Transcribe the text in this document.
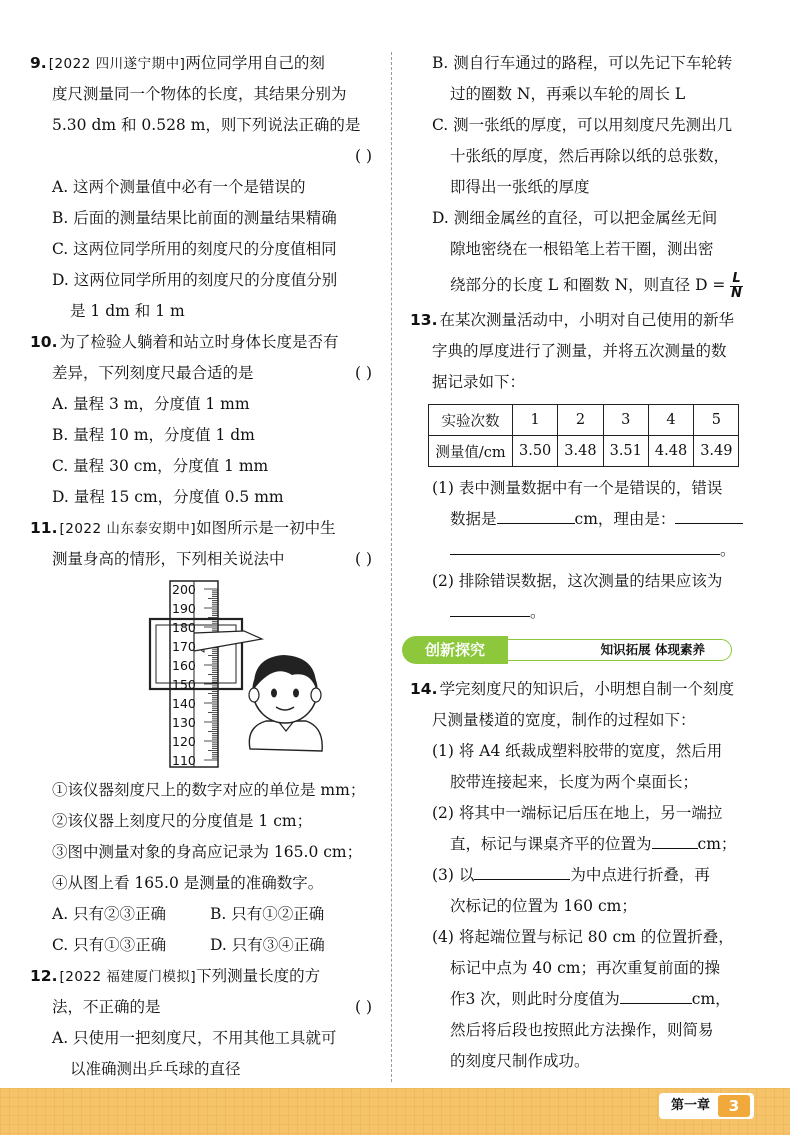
9. [2022 四川遂宁期中]两位同学用自己的刻
度尺测量同一个物体的长度，其结果分别为
5.30 dm 和 0.528 m，则下列说法正确的是
( )
A. 这两个测量值中必有一个是错误的
B. 后面的测量结果比前面的测量结果精确
C. 这两位同学所用的刻度尺的分度值相同
D. 这两位同学所用的刻度尺的分度值分别
是 1 dm 和 1 m
10. 为了检验人躺着和站立时身体长度是否有
差异，下列刻度尺最合适的是	( )
A. 量程 3 m，分度值 1 mm
B. 量程 10 m，分度值 1 dm
C. 量程 30 cm，分度值 1 mm
D. 量程 15 cm，分度值 0.5 mm
11. [2022 山东泰安期中]如图所示是一初中生
测量身高的情形，下列相关说法中	( )
200
190
180
170
160
150
140
130
120
110
①该仪器刻度尺上的数字对应的单位是 mm；
②该仪器上刻度尺的分度值是 1 cm；
③图中测量对象的身高应记录为 165.0 cm；
④从图上看 165.0 是测量的准确数字。
A. 只有②③正确	B. 只有①②正确
C. 只有①③正确	D. 只有③④正确
12. [2022 福建厦门模拟]下列测量长度的方
法，不正确的是	( )
A. 只使用一把刻度尺，不用其他工具就可
以准确测出乒乓球的直径
B. 测自行车通过的路程，可以先记下车轮转
过的圈数 N，再乘以车轮的周长 L
C. 测一张纸的厚度，可以用刻度尺先测出几
十张纸的厚度，然后再除以纸的总张数，
即得出一张纸的厚度
D. 测细金属丝的直径，可以把金属丝无间
隙地密绕在一根铅笔上若干圈，测出密
绕部分的长度 L 和圈数 N，则直径 $D = \frac{L}{N}$
13. 在某次测量活动中，小明对自己使用的新华
字典的厚度进行了测量，并将五次测量的数
据记录如下：
实验次数	1	2	3	4	5
测量值/cm	3.50	3.48	3.51	4.48	3.49
(1) 表中测量数据中有一个是错误的，错误
数据是	cm，理由是：
。
(2) 排除错误数据，这次测量的结果应该为
。
知识拓展 体现素养
创新探究
14. 学完刻度尺的知识后，小明想自制一个刻度
尺测量楼道的宽度，制作的过程如下：
(1) 将 A4 纸裁成塑料胶带的宽度，然后用
胶带连接起来，长度为两个桌面长；
(2) 将其中一端标记后压在地上，另一端拉
直，标记与课桌齐平的位置为	cm；
(3) 以	为中点进行折叠，再
次标记的位置为 160 cm；
(4) 将起端位置与标记 80 cm 的位置折叠，
标记中点为 40 cm；再次重复前面的操
作3 次，则此时分度值为	cm，
然后将后段也按照此方法操作，则简易
的刻度尺制作成功。
第一章	3
